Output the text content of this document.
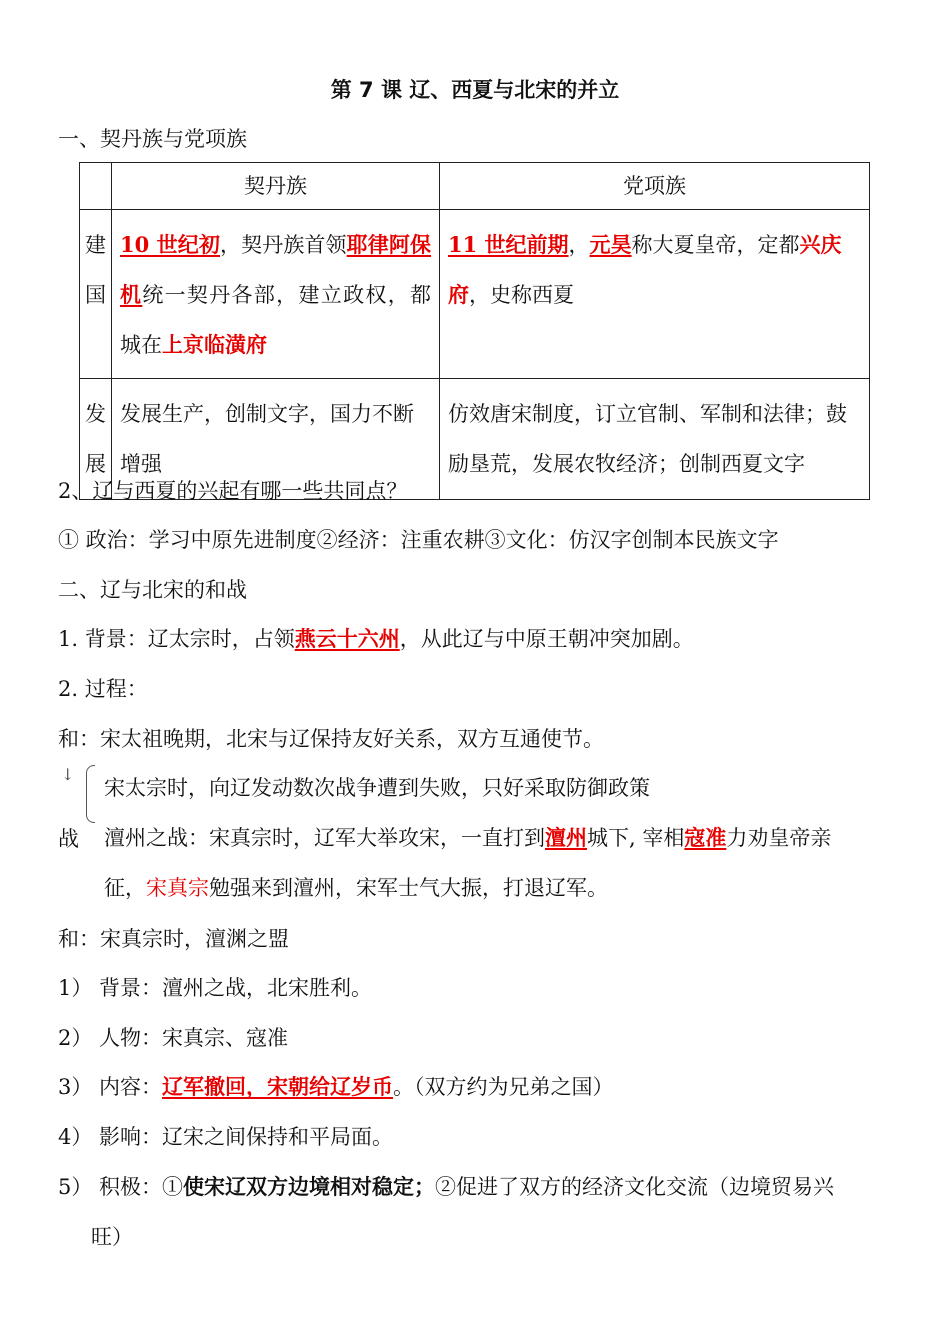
第 7 课 辽、西夏与北宋的并立
一、契丹族与党项族
	契丹族	党项族

建
国	10 世纪初，契丹族首领耶律阿保机统一契丹各部，建立政权，都城在上京临潢府	11 世纪前期，元昊称大夏皇帝，定都兴庆府，史称西夏

发
展	发展生产，创制文字，国力不断增强	仿效唐宋制度，订立官制、军制和法律；鼓励垦荒，发展农牧经济；创制西夏文字
2、辽与西夏的兴起有哪一些共同点？
① 政治：学习中原先进制度②经济：注重农耕③文化：仿汉字创制本民族文字
二、辽与北宋的和战
1. 背景：辽太宗时，占领燕云十六州，从此辽与中原王朝冲突加剧。
2. 过程：
和：宋太祖晚期，北宋与辽保持友好关系，双方互通使节。
↓
宋太宗时，向辽发动数次战争遭到失败，只好采取防御政策
战 澶州之战：宋真宗时，辽军大举攻宋，一直打到澶州城下, 宰相寇准力劝皇帝亲
征，宋真宗勉强来到澶州，宋军士气大振，打退辽军。
和：宋真宗时，澶渊之盟
1） 背景：澶州之战，北宋胜利。
2） 人物：宋真宗、寇准
3） 内容：辽军撤回，宋朝给辽岁币。（双方约为兄弟之国）
4） 影响：辽宋之间保持和平局面。
5） 积极：①使宋辽双方边境相对稳定；②促进了双方的经济文化交流（边境贸易兴
旺）
